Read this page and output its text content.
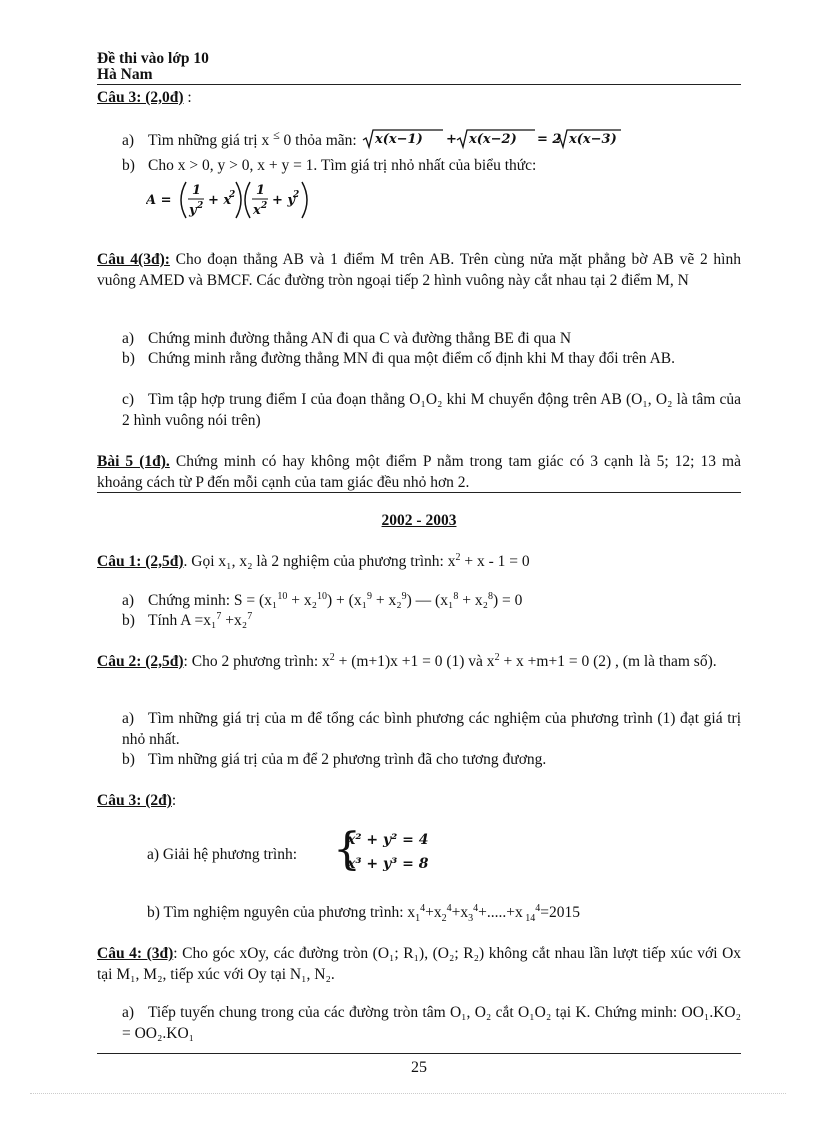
Đề thi vào lớp 10
Hà Nam
Câu 3: (2,0đ) :
a) Tìm những giá trị x ≤ 0 thỏa mãn: x(x−1) + x(x−2) = 2 x(x−3)
b) Cho x > 0, y > 0, x + y = 1. Tìm giá trị nhỏ nhất của biểu thức:
A =
1
y 2 + x
2 1
x 2 + y
2
Câu 4(3đ): Cho đoạn thẳng AB và 1 điểm M trên AB. Trên cùng nửa mặt phẳng bờ AB vẽ 2 hình vuông AMED và BMCF. Các đường tròn ngoại tiếp 2 hình vuông này cắt nhau tại 2 điểm M, N
a) Chứng minh đường thẳng AN đi qua C và đường thẳng BE đi qua N
b) Chứng minh rằng đường thẳng MN đi qua một điểm cố định khi M thay đổi trên AB.
c) Tìm tập hợp trung điểm I của đoạn thẳng O₁O₂ khi M chuyển động trên AB (O₁, O₂ là tâm của 2 hình vuông nói trên)
Bài 5 (1đ). Chứng minh có hay không một điểm P nằm trong tam giác có 3 cạnh là 5; 12; 13 mà khoảng cách từ P đến mỗi cạnh của tam giác đều nhỏ hơn 2.
2002 - 2003
Câu 1: (2,5đ). Gọi x₁, x₂ là 2 nghiệm của phương trình: $x^2 + x - 1 = 0$
a) Chứng minh: S = (x₁$^{10}$ + x₂$^{10}$) + (x₁$^9$ + x₂$^9$) — (x₁$^8$ + x₂$^8$) = 0
b) Tính A =x₁$^7$ +x₂$^7$
Câu 2: (2,5đ): Cho 2 phương trình: $x^2 + (m+1)x +1 = 0$ (1) và $x^2 + x +m+1 = 0$ (2) , (m là tham số).
a) Tìm những giá trị của m để tổng các bình phương các nghiệm của phương trình (1) đạt giá trị nhỏ nhất.
b) Tìm những giá trị của m để 2 phương trình đã cho tương đương.
Câu 3: (2đ):
a) Giải hệ phương trình: {
x² + y² = 4
x³ + y³ = 8
b) Tìm nghiệm nguyên của phương trình: $x_1^4+x_2^4+x_3^4+.....+x$ $_{14}^4$=2015
Câu 4: (3đ): Cho góc xOy, các đường tròn (O₁; R₁), (O₂; R₂) không cắt nhau lần lượt tiếp xúc với Ox tại M₁, M₂, tiếp xúc với Oy tại N₁, N₂.
a) Tiếp tuyến chung trong của các đường tròn tâm O₁, O₂ cắt O₁O₂ tại K. Chứng minh: OO₁.KO₂ = OO₂.KO₁
25
